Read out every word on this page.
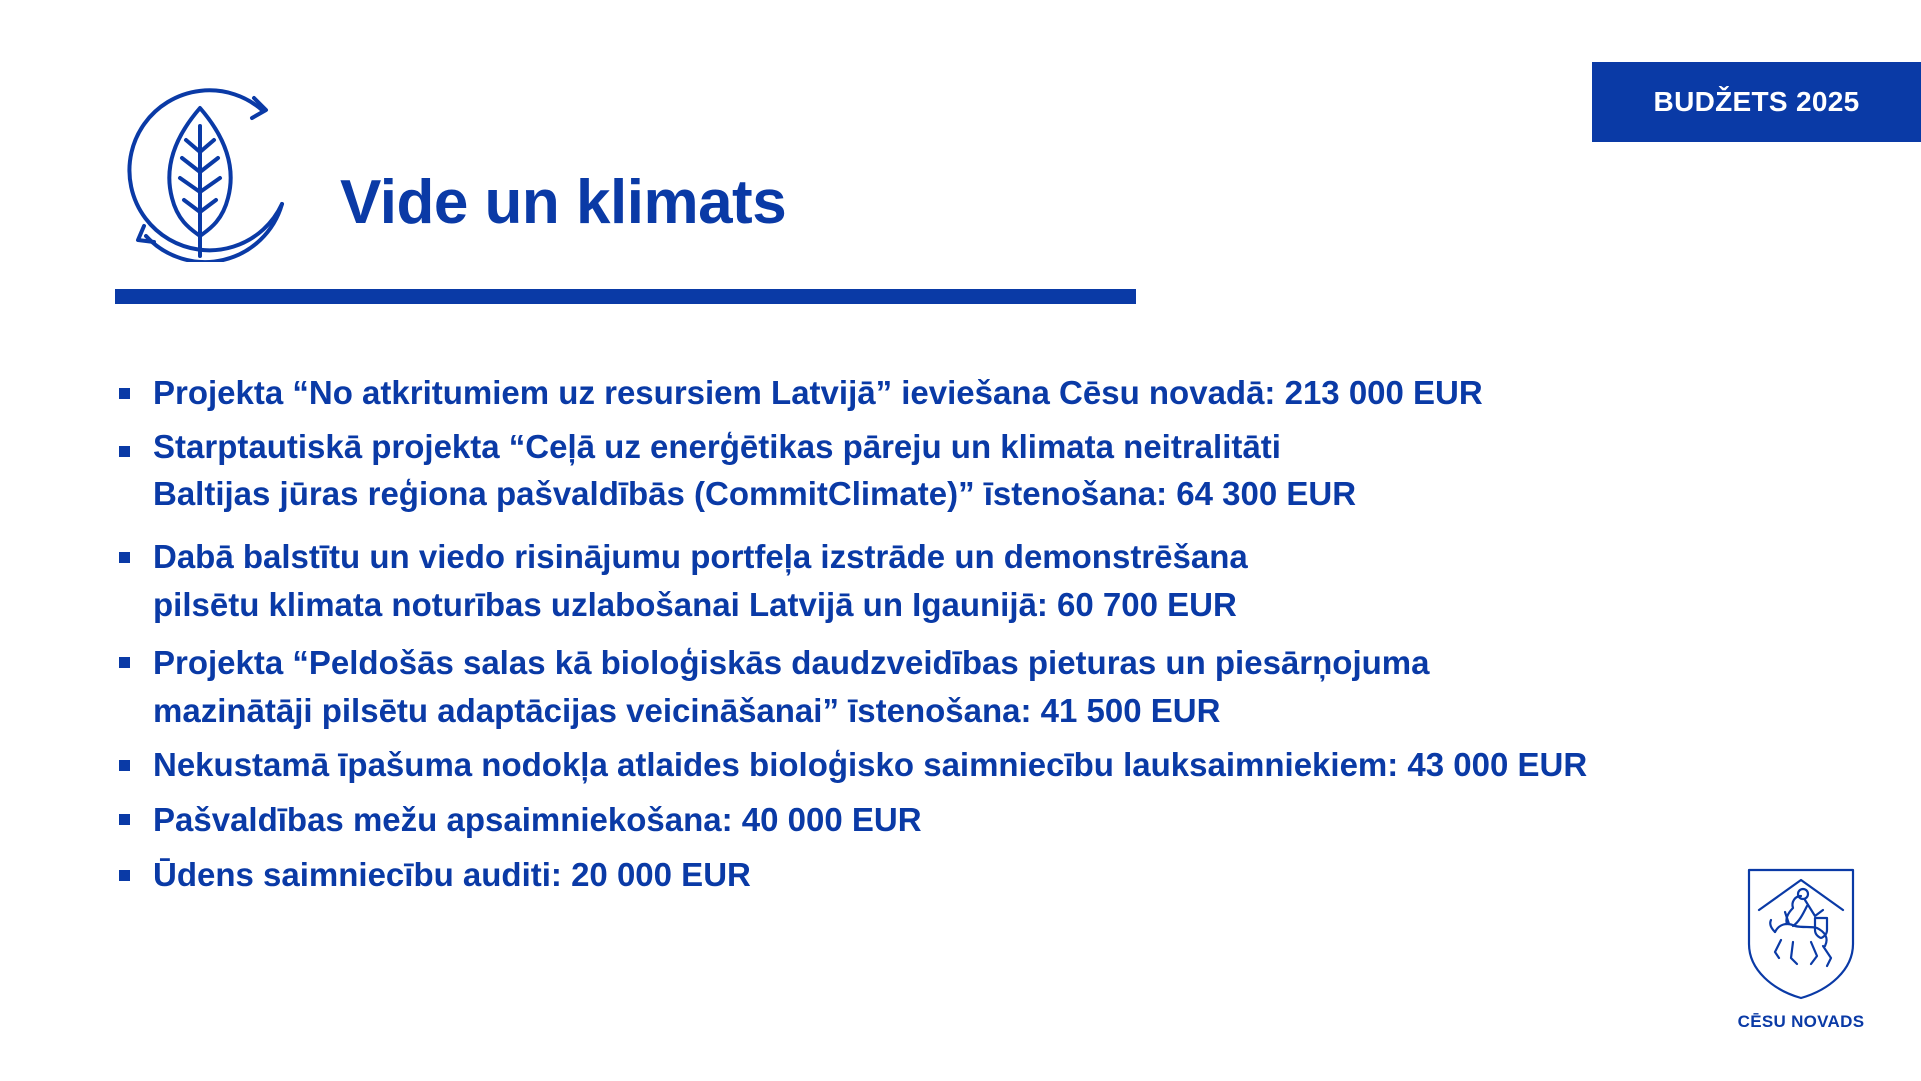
BUDŽETS 2025
Vide un klimats
Projekta “No atkritumiem uz resursiem Latvijā” ieviešana Cēsu novadā: 213 000 EUR
Starptautiskā projekta “Ceļā uz enerģētikas pāreju un klimata neitralitāti
Baltijas jūras reģiona pašvaldībās (CommitClimate)” īstenošana: 64 300 EUR
Dabā balstītu un viedo risinājumu portfeļa izstrāde un demonstrēšana
pilsētu klimata noturības uzlabošanai Latvijā un Igaunijā: 60 700 EUR
Projekta “Peldošās salas kā bioloģiskās daudzveidības pieturas un piesārņojuma
mazinātāji pilsētu adaptācijas veicināšanai” īstenošana: 41 500 EUR
Nekustamā īpašuma nodokļa atlaides bioloģisko saimniecību lauksaimniekiem: 43 000 EUR
Pašvaldības mežu apsaimniekošana: 40 000 EUR
Ūdens saimniecību auditi: 20 000 EUR
CĒSU NOVADS
